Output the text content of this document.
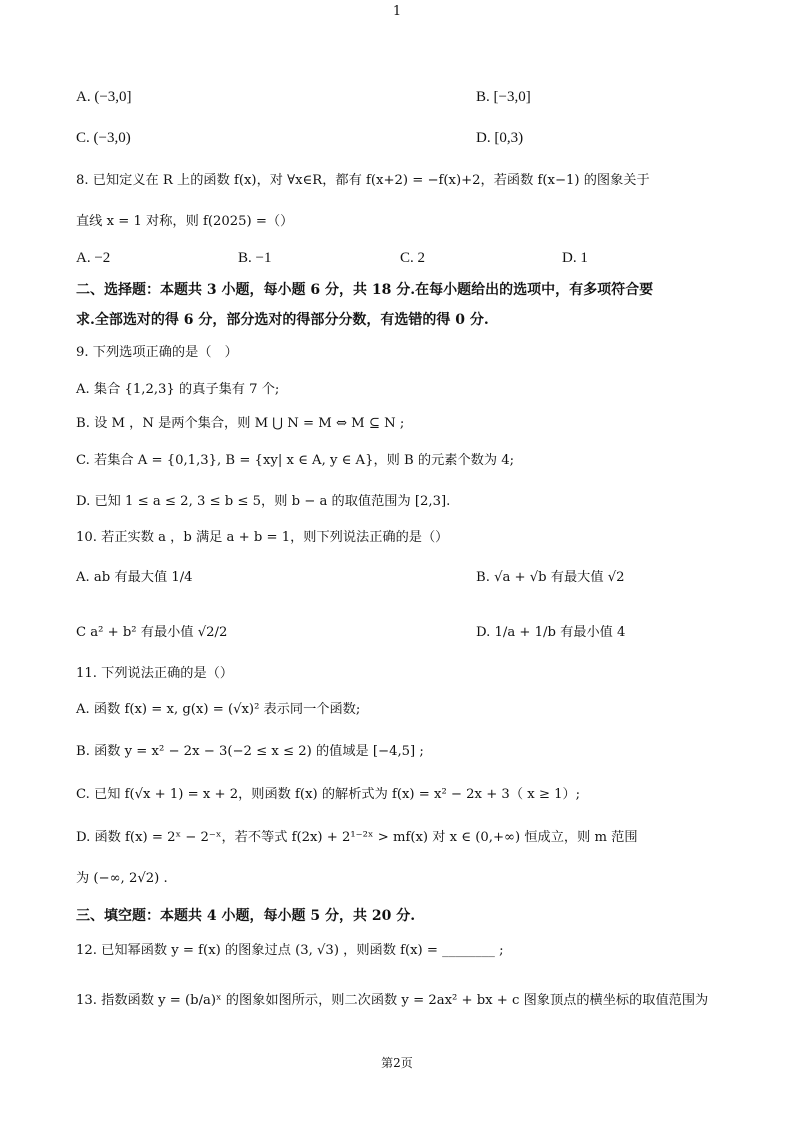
1
A. (−3,0]	B. [−3,0]
C. (−3,0)	D. [0,3)
8. 已知定义在 R 上的函数 f(x)，对 ∀x∈R，都有 f(x+2) = −f(x)+2，若函数 f(x−1) 的图象关于
直线 x = 1 对称，则 f(2025) =（）
A. −2	B. −1	C. 2	D. 1
二、选择题：本题共 3 小题，每小题 6 分，共 18 分.在每小题给出的选项中，有多项符合要
求.全部选对的得 6 分，部分选对的得部分分数，有选错的得 0 分.
9. 下列选项正确的是（　）
A. 集合 {1,2,3} 的真子集有 7 个;
B. 设 M ，N 是两个集合，则 M ⋃ N = M ⇔ M ⊆ N ;
C. 若集合 A = {0,1,3}, B = {xy| x ∈ A, y ∈ A}，则 B 的元素个数为 4;
D. 已知 1 ≤ a ≤ 2, 3 ≤ b ≤ 5，则 b − a 的取值范围为 [2,3].
10. 若正实数 a ，b 满足 a + b = 1，则下列说法正确的是（）
A. ab 有最大值 1/4	B. √a + √b 有最大值 √2
C a² + b² 有最小值 √2/2	D. 1/a + 1/b 有最小值 4
11. 下列说法正确的是（）
A. 函数 f(x) = x, g(x) = (√x)² 表示同一个函数;
B. 函数 y = x² − 2x − 3(−2 ≤ x ≤ 2) 的值域是 [−4,5] ;
C. 已知 f(√x + 1) = x + 2，则函数 f(x) 的解析式为 f(x) = x² − 2x + 3（ x ≥ 1）;
D. 函数 f(x) = 2ˣ − 2⁻ˣ，若不等式 f(2x) + 2¹⁻²ˣ > mf(x) 对 x ∈ (0,+∞) 恒成立，则 m 范围
为 (−∞, 2√2) .
三、填空题：本题共 4 小题，每小题 5 分，共 20 分.
12. 已知幂函数 y = f(x) 的图象过点 (3, √3) ，则函数 f(x) = ________ ;
13. 指数函数 y = (b/a)ˣ 的图象如图所示，则二次函数 y = 2ax² + bx + c 图象顶点的横坐标的取值范围为
第2页
